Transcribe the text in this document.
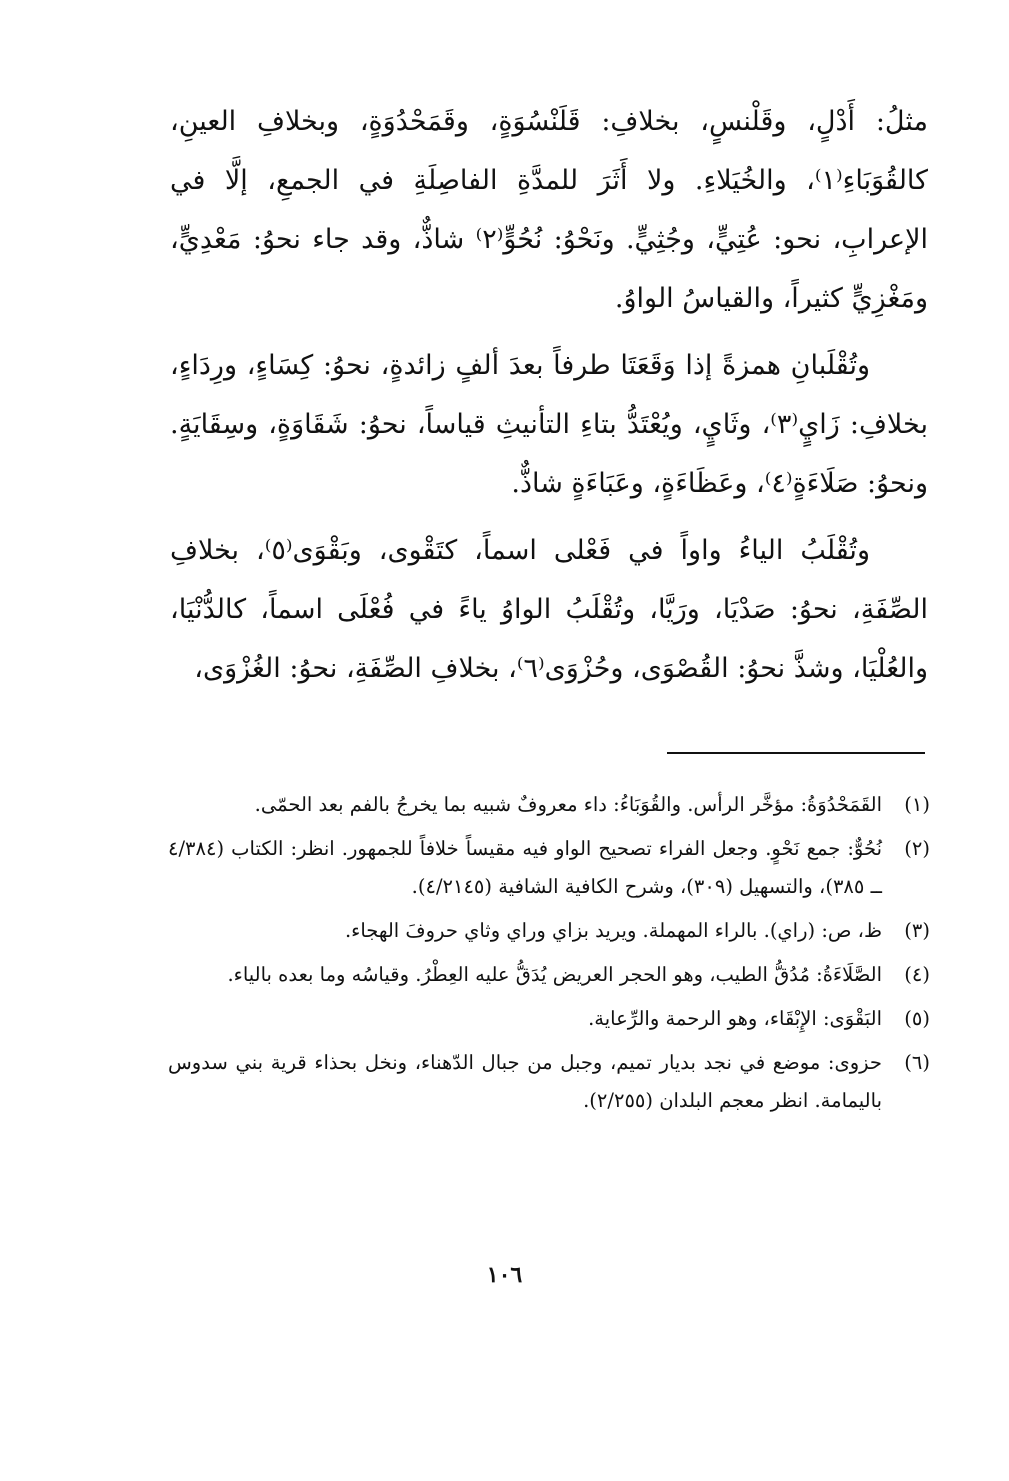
مثلُ: أَدْلٍ، وقَلْنسٍ، بخلافِ: قَلَنْسُوَةٍ، وقَمَحْدُوَةٍ، وبخلافِ العينِ، كالقُوَبَاءِ⁽١⁾، والخُيَلاءِ. ولا أَثَرَ للمدَّةِ الفاصِلَةِ في الجمعِ، إلَّا في الإعرابِ، نحو: عُتِيٍّ، وجُثِيٍّ. ونَحْوُ: نُحُوٍّ⁽٢⁾ شاذٌّ، وقد جاء نحوُ: مَعْدِيٍّ، ومَغْزِيٍّ كثيراً، والقياسُ الواوُ.

وتُقْلَبانِ همزةً إذا وَقَعَتَا طرفاً بعدَ ألفٍ زائدةٍ، نحوُ: كِسَاءٍ، ورِدَاءٍ، بخلافِ: زَايٍ⁽٣⁾، وثَايٍ، ويُعْتَدُّ بتاءِ التأنيثِ قياساً، نحوُ: شَقَاوَةٍ، وسِقَايَةٍ. ونحوُ: صَلَاءَةٍ⁽٤⁾، وعَظَاءَةٍ، وعَبَاءَةٍ شاذٌّ.

وتُقْلَبُ الياءُ واواً في فَعْلى اسماً، كتَقْوى، وبَقْوَى⁽٥⁾، بخلافِ الصِّفَةِ، نحوُ: صَدْيَا، ورَيَّا، وتُقْلَبُ الواوُ ياءً في فُعْلَى اسماً، كالدُّنْيَا، والعُلْيَا، وشذَّ نحوُ: القُصْوَى، وحُزْوَى⁽٦⁾، بخلافِ الصِّفَةِ، نحوُ: الغُزْوَى،

(١)
القَمَحْدُوَةُ: مؤخَّر الرأس. والقُوَبَاءُ: داء معروفٌ شبيه بما يخرجُ بالفم بعد الحمّى.
(٢)
نُحُوٌّ: جمع نَحْوٍ. وجعل الفراء تصحيح الواو فيه مقيساً خلافاً للجمهور. انظر: الكتاب (٤/٣٨٤ ــ ٣٨٥)، والتسهيل (٣٠٩)، وشرح الكافية الشافية (٤/٢١٤٥).
(٣)
ظ، ص: (راي). بالراء المهملة. ويريد بزاي وراي وثاي حروفَ الهجاء.
(٤)
الصَّلَاءَةُ: مُدُقُّ الطيب، وهو الحجر العريض يُدَقُّ عليه العِطْرُ. وقياسُه وما بعده بالياء.
(٥)
البَقْوَى: الإِبْقَاء، وهو الرحمة والرِّعاية.
(٦)
حزوى: موضع في نجد بديار تميم، وجبل من جبال الدّهناء، ونخل بحذاء قرية بني سدوس باليمامة. انظر معجم البلدان (٢/٢٥٥).
١٠٦
